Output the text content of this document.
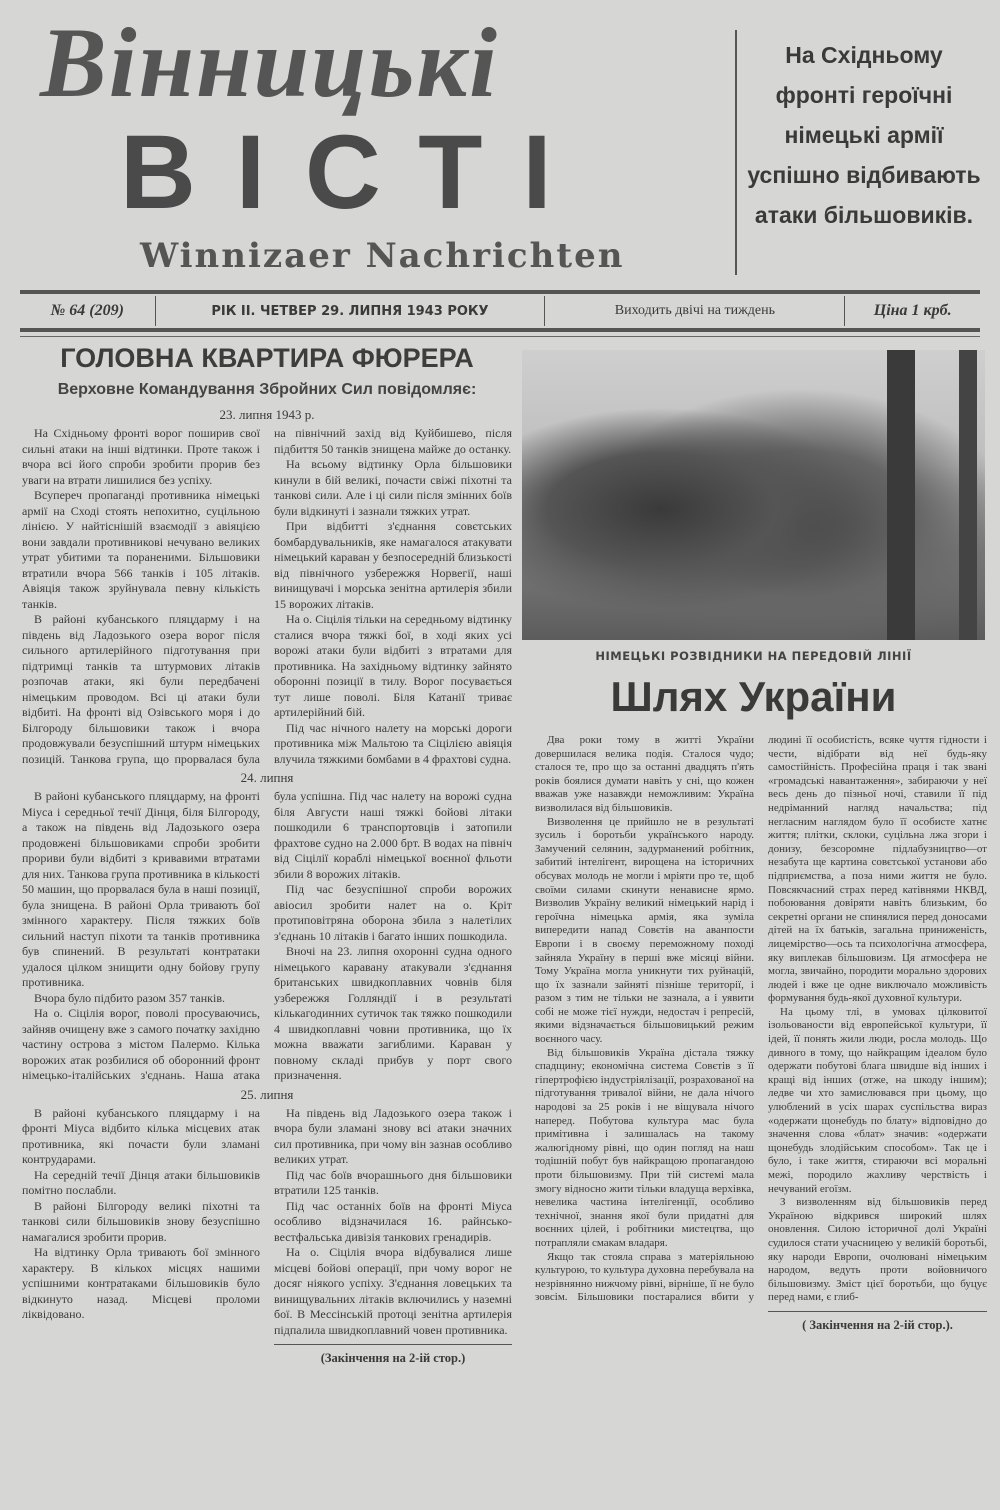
Вінницькі
ВІСТІ
Winnizaer Nachrichten
На Східньому фронті героїчні німецькі армії успішно відбивають атаки більшовиків.
№ 64 (209)	РІК II. ЧЕТВЕР 29. ЛИПНЯ 1943 РОКУ	Виходить двічі на тиждень	Ціна 1 крб.
ГОЛОВНА КВАРТИРА ФЮРЕРА
Верховне Командування Збройних Сил повідомляє:
23. липня 1943 р.

На Східньому фронті ворог поширив свої сильні атаки на інші відтинки. Проте також і вчора всі його спроби зробити прорив без уваги на втрати лишилися без успіху.

Всупереч пропаганді противника німецькі армії на Сході стоять непохитно, суцільною лінією. У найтіснішій взаємодії з авіяцією вони завдали противникові нечувано великих утрат убитими та пораненими. Більшовики втратили вчора 566 танків і 105 літаків. Авіяція також зруйнувала певну кількість танків.

В районі кубанського пляцдарму і на південь від Ладозького озера ворог після сильного артилерійного підготування при підтримці танків та штурмових літаків розпочав атаки, які були передбачені німецьким проводом. Всі ці атаки були відбиті. На фронті від Озівського моря і до Білгороду більшовики також і вчора продовжували безуспішний штурм німецьких позицій. Танкова група, що прорвалася була на північний захід від Куйбишево, після підбиття 50 танків знищена майже до останку.

На всьому відтинку Орла більшовики кинули в бій великі, почасти свіжі піхотні та танкові сили. Але і ці сили після змінних боїв були відкинуті і зазнали тяжких утрат.

При відбитті з'єднання совєтських бомбардувальників, яке намагалося атакувати німецький караван у безпосередній близькості від північного узбережжя Норвегії, наші винищувачі і морська зенітна артилерія збили 15 ворожих літаків.

На о. Сіцілія тільки на середньому відтинку сталися вчора тяжкі бої, в ході яких усі ворожі атаки були відбиті з втратами для противника. На західньому відтинку зайнято оборонні позиції в тилу. Ворог посувається тут лише поволі. Біля Катанії триває артилерійний бій.

Під час нічного налету на морські дороги противника між Мальтою та Сіцілією авіяція влучила тяжкими бомбами в 4 фрахтові судна.

24. липня

В районі кубанського пляцдарму, на фронті Міуса і середньої течії Дінця, біля Білгороду, а також на південь від Ладозького озера продовжені більшовиками спроби зробити прориви були відбиті з кривавими втратами для них. Танкова група противника в кількості 50 машин, що прорвалася була в наші позиції, була знищена. В районі Орла тривають бої змінного характеру. Після тяжких боїв сильний наступ піхоти та танків противника був спинений. В результаті контратаки удалося цілком знищити одну бойову групу противника.

Вчора було підбито разом 357 танків.

На о. Сіцілія ворог, поволі просуваючись, зайняв очищену вже з самого початку західню частину острова з містом Палермо. Кілька ворожих атак розбилися об оборонний фронт німецько-італійських з'єднань. Наша атака була успішна. Під час налету на ворожі судна біля Августи наші тяжкі бойові літаки пошкодили 6 транспортовців і затопили фрахтове судно на 2.000 брт. В водах на північ від Сіцілії кораблі німецької воєнної фльоти збили 8 ворожих літаків.

Під час безуспішної спроби ворожих авіосил зробити налет на о. Кріт протиповітряна оборона збила з налетілих з'єднань 10 літаків і багато інших пошкодила.

Вночі на 23. липня охоронні судна одного німецького каравану атакували з'єднання британських швидкоплавних човнів біля узбережжя Голляндії і в результаті кількагодинних сутичок так тяжко пошкодили 4 швидкоплавні човни противника, що їх можна вважати загиблими. Караван у повному складі прибув у порт свого призначення.

25. липня

В районі кубанського пляцдарму і на фронті Міуса відбито кілька місцевих атак противника, які почасти були зламані контрударами.

На середній течії Дінця атаки більшовиків помітно послабли.

В районі Білгороду великі піхотні та танкові сили більшовиків знову безуспішно намагалися зробити прорив.

На відтинку Орла тривають бої змінного характеру. В кількох місцях нашими успішними контратаками більшовиків було відкинуто назад. Місцеві проломи ліквідовано.

На південь від Ладозького озера також і вчора були зламані знову всі атаки значних сил противника, при чому він зазнав особливо великих утрат.

Під час боїв вчорашнього дня більшовики втратили 125 танків.

Під час останніх боїв на фронті Міуса особливо відзначилася 16. райнсько-вестфальська дивізія танкових гренадирів.

На о. Сіцілія вчора відбувалися лише місцеві бойові операції, при чому ворог не досяг ніякого успіху. З'єднання ловецьких та винищувальних літаків включились у наземні бої. В Мессінській протоці зенітна артилерія підпалила швидкоплавний човен противника.

(Закінчення на 2-ій стор.)
НІМЕЦЬКІ РОЗВІДНИКИ НА ПЕРЕДОВІЙ ЛІНІЇ
Шлях України

Два роки тому в житті України довершилася велика подія. Сталося чудо; сталося те, про що за останні двадцять п'ять років боялися думати навіть у сні, що кожен вважав уже назавжди неможливим: Україна визволилася від більшовиків.

Визволення це прийшло не в результаті зусиль і боротьби українського народу. Замучений селянин, задурманений робітник, забитий інтелігент, вирощена на історичних обсувах молодь не могли і мріяти про те, щоб своїми силами скинути ненависне ярмо. Визволив Україну великий німецький нарід і героїчна німецька армія, яка зуміла випередити напад Совєтів на аванпости Европи і в своєму переможному поході зайняла Україну в перші вже місяці війни. Тому Україна могла уникнути тих руйнацій, що їх зазнали зайняті пізніше території, і разом з тим не тільки не зазнала, а і уявити собі не може тієї нужди, недостач і репресій, якими відзначається більшовицький режим воєнного часу.

Від більшовиків Україна дістала тяжку спадщину; економічна система Совєтів з її гіпертрофією індустріялізації, розрахованої на підготування тривалої війни, не дала нічого народові за 25 років і не віщувала нічого наперед. Побутова культура мас була примітивна і залишалась на такому жалюгідному рівні, що один погляд на наш тодішній побут був найкращою пропагандою проти більшовизму. При тій системі мала змогу відносно жити тільки владуща верхівка, невелика частина інтелігенції, особливо технічної, знання якої були придатні для воєнних цілей, і робітники мистецтва, що потрапляли смакам владаря.

Якщо так стояла справа з матеріяльною культурою, то культура духовна перебувала на незрівнянно нижчому рівні, вірніше, її не було зовсім. Більшовики постаралися вбити у людині її особистість, всяке чуття гідности і чести, відібрати від неї будь-яку самостійність. Професійна праця і так звані «громадські навантаження», забираючи у неї весь день до пізньої ночі, ставили її під недріманний нагляд начальства; під негласним наглядом було її особисте хатнє життя; плітки, склоки, суцільна лжа згори і донизу, безсоромне підлабузництво—от незабута ще картина совєтської установи або підприємства, а поза ними життя не було. Повсякчасний страх перед катівнями НКВД, побоювання довіряти навіть близьким, бо секретні органи не спинялися перед доносами дітей на їх батьків, загальна приниженість, лицемірство—ось та психологічна атмосфера, яку виплекав більшовизм. Ця атмосфера не могла, звичайно, породити морально здорових людей і вже це одне виключало можливість формування будь-якої духовної культури.

На цьому тлі, в умовах цілковитої ізольованости від европейської культури, її ідей, її понять жили люди, росла молодь. Що дивного в тому, що найкращим ідеалом було одержати побутові блага швидше від інших і кращі від інших (отже, на шкоду іншим); ледве чи хто замислювався при цьому, що улюблений в усіх шарах суспільства вираз «одержати щонебудь по блату» відповідно до значення слова «блат» значив: «одержати щонебудь злодійським способом». Так це і було, і таке життя, стираючи всі моральні межі, породило жахливу черствість і нечуваний егоїзм.

З визволенням від більшовиків перед Україною відкрився широкий шлях оновлення. Силою історичної долі Україні судилося стати учасницею у великій боротьбі, яку народи Европи, очолювані німецьким народом, ведуть проти войовничого більшовизму. Зміст цієї боротьби, що буцує перед нами, є глиб-

( Закінчення на 2-ій стор.).
